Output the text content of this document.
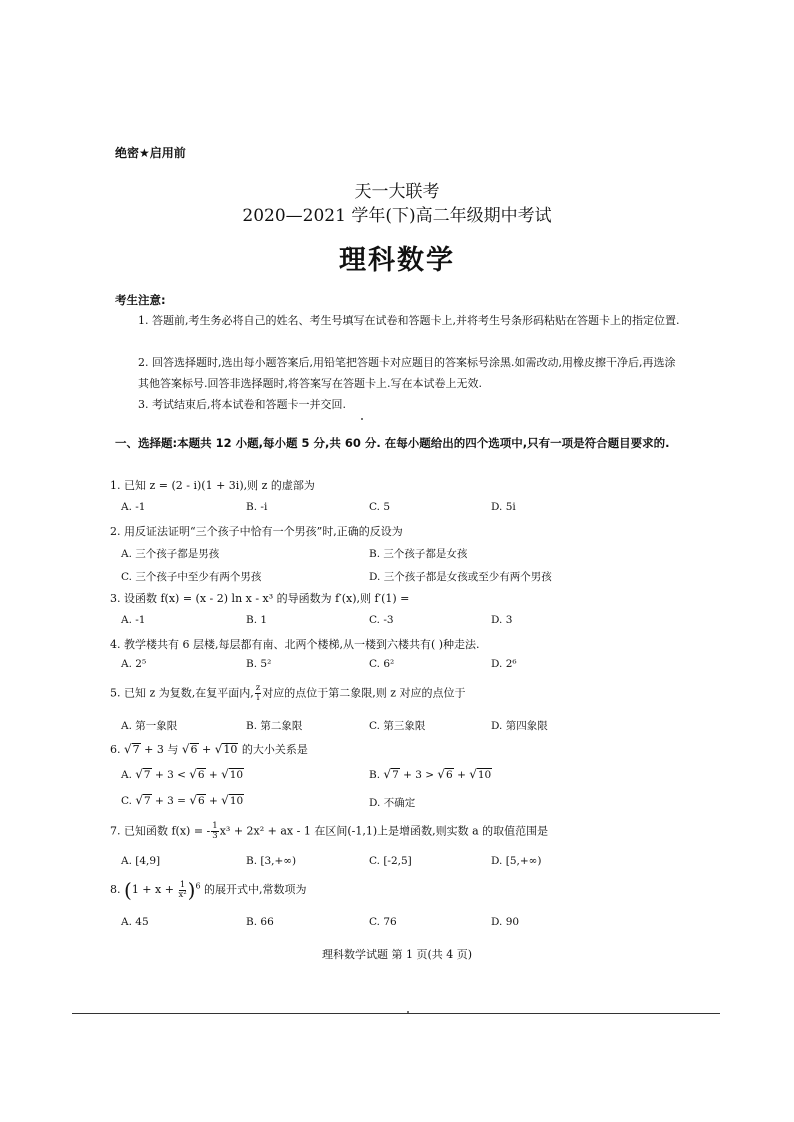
绝密★启用前
天一大联考
2020—2021 学年(下)高二年级期中考试
理科数学
考生注意:
1. 答题前,考生务必将自己的姓名、考生号填写在试卷和答题卡上,并将考生号条形码粘贴在答题卡上的指定位置.
2. 回答选择题时,选出每小题答案后,用铅笔把答题卡对应题目的答案标号涂黑.如需改动,用橡皮擦干净后,再选涂其他答案标号.回答非选择题时,将答案写在答题卡上.写在本试卷上无效.
3. 考试结束后,将本试卷和答题卡一并交回.
一、选择题:本题共 12 小题,每小题 5 分,共 60 分. 在每小题给出的四个选项中,只有一项是符合题目要求的.
1. 已知 z = (2 - i)(1 + 3i),则 z 的虚部为
A. -1	B. -i	C. 5	D. 5i
2. 用反证法证明“三个孩子中恰有一个男孩”时,正确的反设为
A. 三个孩子都是男孩	B. 三个孩子都是女孩
C. 三个孩子中至少有两个男孩	D. 三个孩子都是女孩或至少有两个男孩
3. 设函数 f(x) = (x - 2) ln x - x³ 的导函数为 f′(x),则 f′(1) =
A. -1	B. 1	C. -3	D. 3
4. 教学楼共有 6 层楼,每层都有南、北两个楼梯,从一楼到六楼共有( )种走法.
A. 2⁵	B. 5²	C. 6²	D. 2⁶
5. 已知 z 为复数,在复平面内, $\frac{z}{i}$ 对应的点位于第二象限,则 z 对应的点位于
A. 第一象限	B. 第二象限	C. 第三象限	D. 第四象限
6. √7 + 3 与 √6 + √10 的大小关系是
A. √7 + 3 < √6 + √10	B. √7 + 3 > √6 + √10
C. √7 + 3 = √6 + √10	D. 不确定
7. 已知函数 f(x) = - $\frac{1}{3} x^3 + 2x^2$ + ax - 1 在区间(-1,1)上是增函数,则实数 a 的取值范围是
A. [4,9]	B. [3,+∞)	C. [-2,5]	D. [5,+∞)
8. $(1 + x + \frac{1}{\text{x²}} )^6$ 的展开式中,常数项为
A. 45	B. 66	C. 76	D. 90
理科数学试题 第 1 页(共 4 页)
